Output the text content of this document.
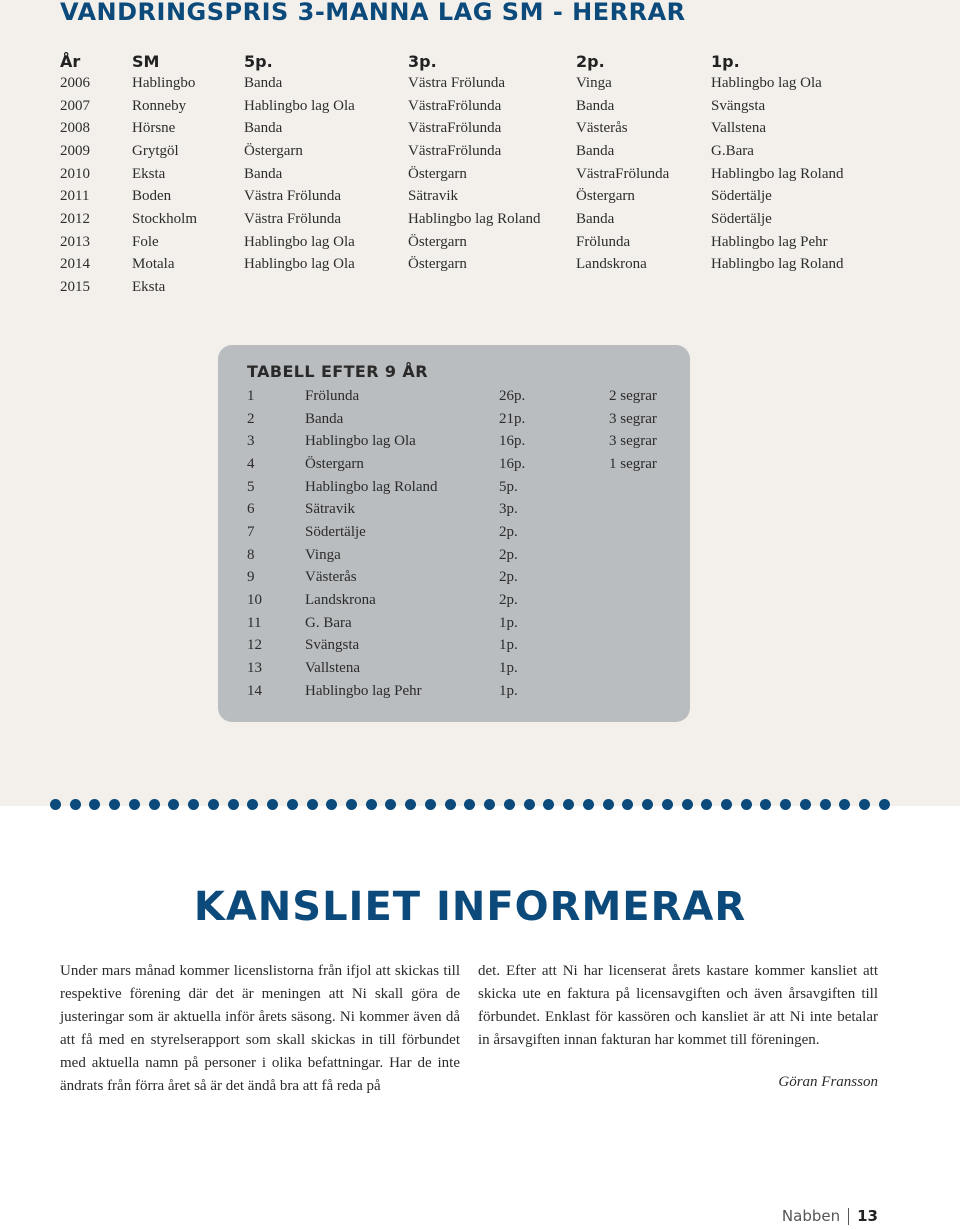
VANDRINGSPRIS 3-MANNA LAG SM - HERRAR
År	SM	5p.	3p.	2p.	1p.
2006	Hablingbo	Banda	Västra Frölunda	Vinga	Hablingbo lag Ola
2007	Ronneby	Hablingbo lag Ola	VästraFrölunda	Banda	Svängsta
2008	Hörsne	Banda	VästraFrölunda	Västerås	Vallstena
2009	Grytgöl	Östergarn	VästraFrölunda	Banda	G.Bara
2010	Eksta	Banda	Östergarn	VästraFrölunda	Hablingbo lag Roland
2011	Boden	Västra Frölunda	Sätravik	Östergarn	Södertälje
2012	Stockholm	Västra Frölunda	Hablingbo lag Roland	Banda	Södertälje
2013	Fole	Hablingbo lag Ola	Östergarn	Frölunda	Hablingbo lag Pehr
2014	Motala	Hablingbo lag Ola	Östergarn	Landskrona	Hablingbo lag Roland
2015	Eksta				
TABELL EFTER 9 ÅR
1	Frölunda	26p.	2 segrar
2	Banda	21p.	3 segrar
3	Hablingbo lag Ola	16p.	3 segrar
4	Östergarn	16p.	1 segrar
5	Hablingbo lag Roland	5p.	
6	Sätravik	3p.	
7	Södertälje	2p.	
8	Vinga	2p.	
9	Västerås	2p.	
10	Landskrona	2p.	
11	G. Bara	1p.	
12	Svängsta	1p.	
13	Vallstena	1p.	
14	Hablingbo lag Pehr	1p.	
KANSLIET INFORMERAR

Under mars månad kommer licenslistorna från ifjol att skickas till respektive förening där det är meningen att Ni skall göra de justeringar som är aktuella inför årets säsong. Ni kommer även då att få med en styrelserapport som skall skickas in till förbundet med aktuella namn på personer i olika befattningar. Har de inte ändrats från förra året så är det ändå bra att få reda på

det. Efter att Ni har licenserat årets kastare kommer kansliet att skicka ute en faktura på licensavgiften och även årsavgiften till förbundet. Enklast för kassören och kansliet är att Ni inte betalar in årsavgiften innan fakturan har kommet till föreningen.

Göran Fransson

Nabben 13
